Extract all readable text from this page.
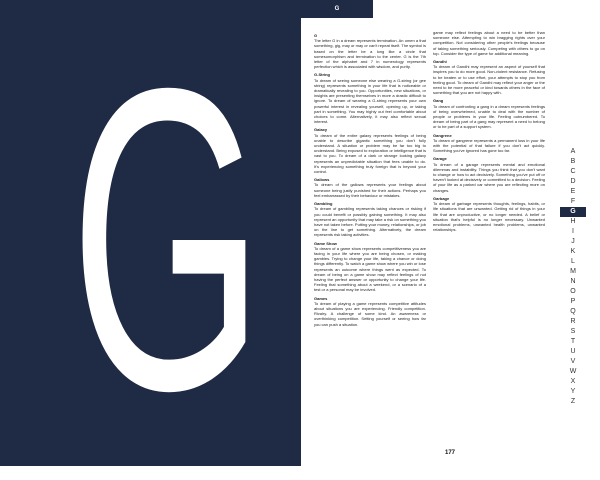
G	G
G

The letter G in a dream represents termination. An omen a that something, gig, may or may or can't repeat itself. The symbol is based on the letter be a long like a circle that somesomorphism and termination to the center. G is the 7th letter of the alphabet and 7 in numerology represents perfection which is associated with wisdom, and purity.

G-String

To dream of seeing someone else wearing a G-string (or gee string) represents something in your life that is noticeable or dramatically revealing to you. Opportunities, new situations, or insights are presenting themselves in more a drastic difficult to ignore. To dream of wearing a G-string represents your own powerful interest in revealing yourself, opening up, or taking part in something. You may highly out feel comfortable about choices to come. Alternatively, it may also reflect sexual interest.

Galaxy

To dream of the entire galaxy represents feelings of being unable to describe gigantic something you don't fully understand. A situation or problem may be far too big to understand. Being exposed to exploration or intelligence that is vast to you. To dream of a dark or strange looking galaxy represents an unpredictable situation that fees unable to do. It's experiencing something truly foreign that is beyond your control.

Gallows

To dream of the gallows represents your feelings about someone being justly punished for their actions. Perhaps you feel embarrassed by their behaviour or mistakes.

Gambling

To dream of gambling represents taking chances or risking if you could benefit or possibly gaining something. It may also represent an opportunity that may take a risk on something you have not taken before. Putting your money, relationships, or job on the line to get something. Alternatively, the dream represents risk taking activities.

Game Show

To dream of a game show represents competitiveness you are facing in your life where you are being chosen, or making gambles. Trying to change your life, taking a chance or doing things differently. To watch a game show where you win or lose represents an outcome where things went as expected. To dream of being on a game show may reflect feelings of not having the perfect answer or opportunity to change your life. Feeling that something about a weekend, or a scenario of a test or a personal may be involved.

Games

To dream of playing a game represents competitive attitudes about situations you are experiencing. Friendly competition. Rivalry. A challenge of some kind. An awareness or overthinking competition. Setting yourself or seeing how far you can push a situation.

game may reflect feelings about a need to be better than someone else. Attempting to win bragging rights over your competition. Not considering other people's feelings because of taking something seriously. Competing with others to go on top. Consider the type of game for additional meaning.

Gandhi

To dream of Gandhi may represent an aspect of yourself that inspires you to do more good. Non-violent resistance. Refusing to be beaten or to use effort, your attempts to stop you from feeling good. To dream of Gandhi may reflect your anger or the need to be more peaceful or kind towards others in the face of something that you are not happy with.

Gang

To dream of confronting a gang in a dream represents feelings of being overwhelmed, unable to deal with the number of people or problems in your life. Feeling outnumbered. To dream of being part of a gang may represent a need to belong or to be part of a support system.

Gangrene

To dream of gangrene represents a permanent loss in your life with the potential of that failure if you don't act quickly. Something you've ignored has gone too far.

Garage

To dream of a garage represents mental and emotional dilemmas and instability. Things you think that you don't want to change or how to act decisively. Something you've put off or haven't looked at decisively or committed to a decision. Feeling of your life as a parked car where you are reflecting more on changes.

Garbage

To dream of garbage represents thoughts, feelings, habits, or life situations that are unwanted. Getting rid of things in your life that are unproductive, or no longer needed. A belief or situation that's helpful is no longer necessary. Unwanted emotional problems, unwanted health problems, unwanted relationships.

A
B
C
D
E
F
G
H
I
J
K
L
M
N
O
P
Q
R
S
T
U
V
W
X
Y
Z
177
